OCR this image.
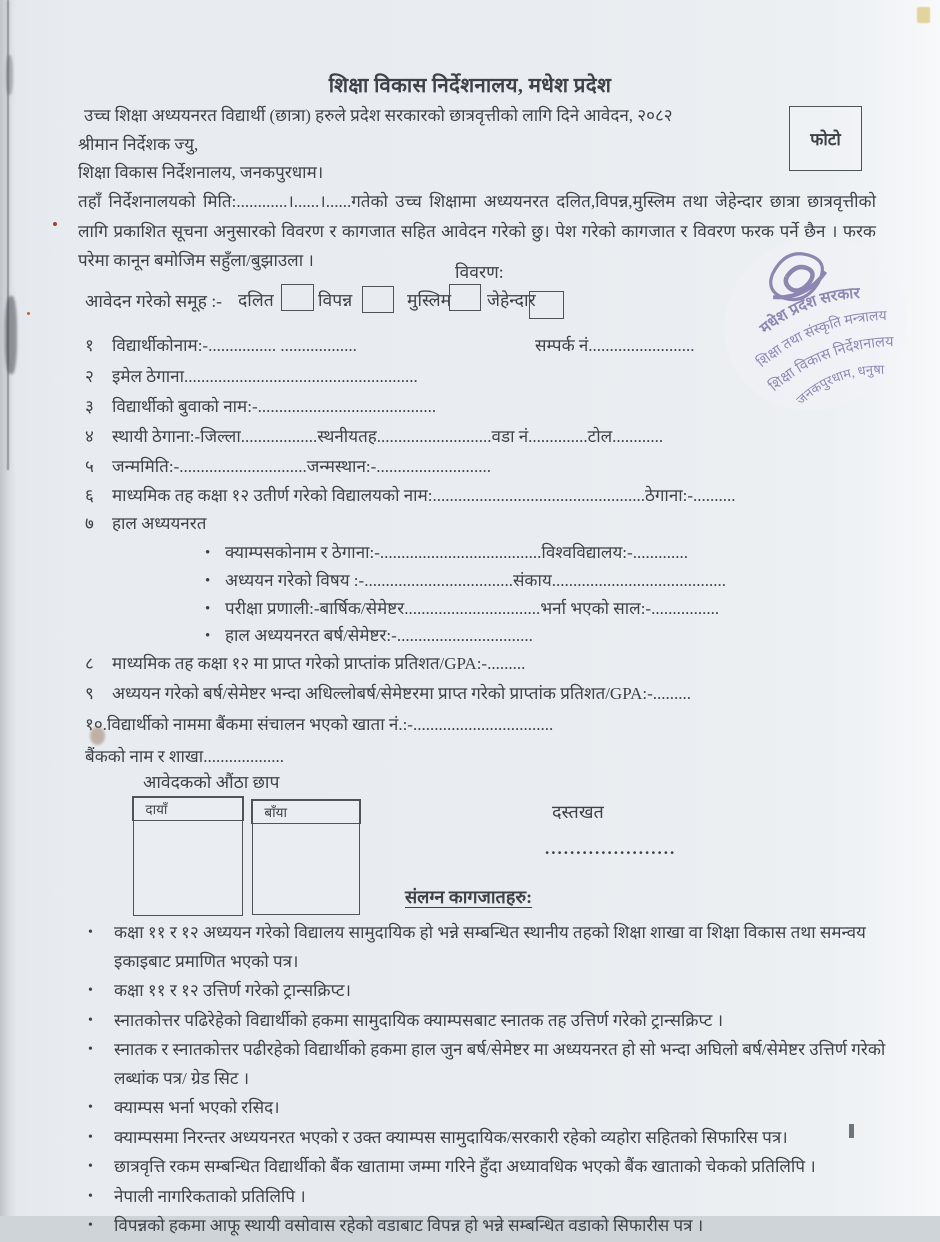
शिक्षा विकास निर्देशनालय, मधेश प्रदेश
उच्च शिक्षा अध्ययनरत विद्यार्थी (छात्रा) हरुले प्रदेश सरकारको छात्रवृत्तीको लागि दिने आवेदन, २०८२
श्रीमान निर्देशक ज्यु,
शिक्षा विकास निर्देशनालय, जनकपुरधाम।
फोटो
तहाँ निर्देशनालयको मिति:............।......।......गतेको उच्च शिक्षामा अध्ययनरत दलित,विपन्न,मुस्लिम तथा जेहेन्दार छात्रा छात्रवृत्तीको लागि प्रकाशित सूचना अनुसारको विवरण र कागजात सहित आवेदन गरेको छु। पेश गरेको कागजात र विवरण फरक पर्ने छैन । फरक परेमा कानून बमोजिम सहुँला/बुझाउला ।
मधेश प्रदेश सरकार
शिक्षा तथा संस्कृति मन्त्रालय
शिक्षा विकास निर्देशनालय
जनकपुरधाम, धनुषा
विवरण:
आवेदन गरेको समूह :- दलित	विपन्न	मुस्लिम जेहेन्दार
१ विद्यार्थीकोनाम:-................ ..................	सम्पर्क नं.........................
२ इमेल ठेगाना.......................................................
३ विद्यार्थीको बुवाको नाम:-..........................................
४ स्थायी ठेगाना:-जिल्ला..................स्थनीयतह...........................वडा नं..............टोल............
५ जन्ममिति:-..............................जन्मस्थान:-...........................
६ माध्यमिक तह कक्षा १२ उतीर्ण गरेको विद्यालयको नाम:..................................................ठेगाना:-..........
७ हाल अध्ययनरत
• क्याम्पसकोनाम र ठेगाना:-......................................विश्वविद्यालय:-.............
• अध्ययन गरेको विषय :-...................................संकाय.........................................
• परीक्षा प्रणाली:-बार्षिक/सेमेष्टर................................भर्ना भएको साल:-................
• हाल अध्ययनरत बर्ष/सेमेष्टर:-................................
८ माध्यमिक तह कक्षा १२ मा प्राप्त गरेको प्राप्तांक प्रतिशत/GPA:-.........
९ अध्ययन गरेको बर्ष/सेमेष्टर भन्दा अधिल्लोबर्ष/सेमेष्टरमा प्राप्त गरेको प्राप्तांक प्रतिशत/GPA:-.........
१०.विद्यार्थीको नाममा बैंकमा संचालन भएको खाता नं.:-.................................
बैंकको नाम र शाखा...................
आवेदकको औंठा छाप
दायाँ	बाँया	दस्तखत
.....................
संलग्न कागजातहरु:
• कक्षा ११ र १२ अध्ययन गरेको विद्यालय सामुदायिक हो भन्ने सम्बन्धित स्थानीय तहको शिक्षा शाखा वा शिक्षा विकास तथा समन्वय इकाइबाट प्रमाणित भएको पत्र।
• कक्षा ११ र १२ उत्तिर्ण गरेको ट्रान्सक्रिप्ट।
• स्नातकोत्तर पढिरेहेको विद्यार्थीको हकमा सामुदायिक क्याम्पसबाट स्नातक तह उत्तिर्ण गरेको ट्रान्सक्रिप्ट ।
• स्नातक र स्नातकोत्तर पढीरहेको विद्यार्थीको हकमा हाल जुन बर्ष/सेमेष्टर मा अध्ययनरत हो सो भन्दा अघिलो बर्ष/सेमेष्टर उत्तिर्ण गरेको लब्धांक पत्र/ ग्रेड सिट ।
• क्याम्पस भर्ना भएको रसिद।
• क्याम्पसमा निरन्तर अध्ययनरत भएको र उक्त क्याम्पस सामुदायिक/सरकारी रहेको व्यहोरा सहितको सिफारिस पत्र।
• छात्रवृत्ति रकम सम्बन्धित विद्यार्थीको बैंक खातामा जम्मा गरिने हुँदा अध्यावधिक भएको बैंक खाताको चेकको प्रतिलिपि ।
• नेपाली नागरिकताको प्रतिलिपि ।
• विपन्नको हकमा आफू स्थायी वसोवास रहेको वडाबाट विपन्न हो भन्ने सम्बन्धित वडाको सिफारीस पत्र ।
